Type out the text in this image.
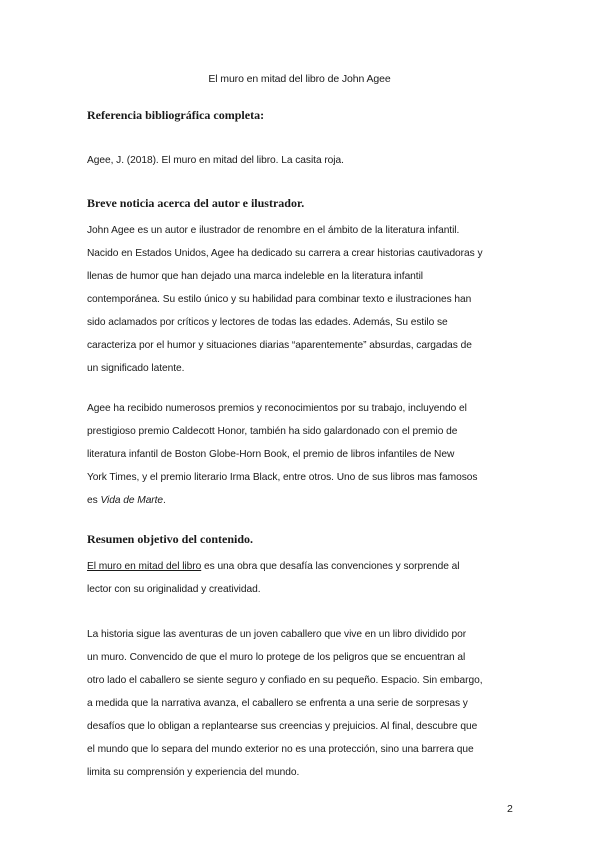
El muro en mitad del libro de John Agee
Referencia bibliográfica completa:
Agee, J. (2018). El muro en mitad del libro. La casita roja.
Breve noticia acerca del autor e ilustrador.
John Agee es un autor e ilustrador de renombre en el ámbito de la literatura infantil.
Nacido en Estados Unidos, Agee ha dedicado su carrera a crear historias cautivadoras y
llenas de humor que han dejado una marca indeleble en la literatura infantil
contemporánea. Su estilo único y su habilidad para combinar texto e ilustraciones han
sido aclamados por críticos y lectores de todas las edades. Además, Su estilo se
caracteriza por el humor y situaciones diarias “aparentemente” absurdas, cargadas de
un significado latente.
Agee ha recibido numerosos premios y reconocimientos por su trabajo, incluyendo el
prestigioso premio Caldecott Honor, también ha sido galardonado con el premio de
literatura infantil de Boston Globe-Horn Book, el premio de libros infantiles de New
York Times, y el premio literario Irma Black, entre otros. Uno de sus libros mas famosos
es Vida de Marte.
Resumen objetivo del contenido.
El muro en mitad del libro es una obra que desafía las convenciones y sorprende al
lector con su originalidad y creatividad.
La historia sigue las aventuras de un joven caballero que vive en un libro dividido por
un muro. Convencido de que el muro lo protege de los peligros que se encuentran al
otro lado el caballero se siente seguro y confiado en su pequeño. Espacio. Sin embargo,
a medida que la narrativa avanza, el caballero se enfrenta a una serie de sorpresas y
desafíos que lo obligan a replantearse sus creencias y prejuicios. Al final, descubre que
el mundo que lo separa del mundo exterior no es una protección, sino una barrera que
limita su comprensión y experiencia del mundo.
2
